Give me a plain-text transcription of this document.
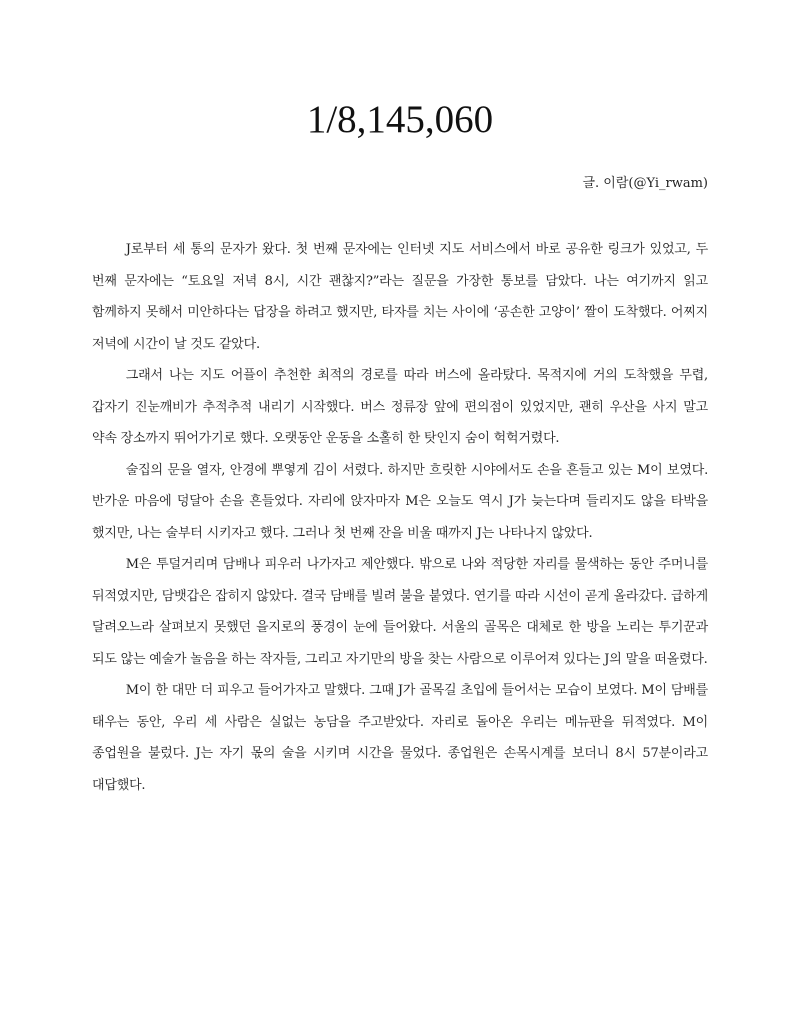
1/8,145,060
글. 이람(@Yi_rwam)

J로부터 세 통의 문자가 왔다. 첫 번째 문자에는 인터넷 지도 서비스에서 바로 공유한 링크가 있었고, 두 번째 문자에는 “토요일 저녁 8시, 시간 괜찮지?”라는 질문을 가장한 통보를 담았다. 나는 여기까지 읽고 함께하지 못해서 미안하다는 답장을 하려고 했지만, 타자를 치는 사이에 ‘공손한 고양이’ 짤이 도착했다. 어찌지 저녁에 시간이 날 것도 같았다.

그래서 나는 지도 어플이 추천한 최적의 경로를 따라 버스에 올라탔다. 목적지에 거의 도착했을 무렵, 갑자기 진눈깨비가 추적추적 내리기 시작했다. 버스 정류장 앞에 편의점이 있었지만, 괜히 우산을 사지 말고 약속 장소까지 뛰어가기로 했다. 오랫동안 운동을 소홀히 한 탓인지 숨이 헉헉거렸다.

술집의 문을 열자, 안경에 뿌옇게 김이 서렸다. 하지만 흐릿한 시야에서도 손을 흔들고 있는 M이 보였다. 반가운 마음에 덩달아 손을 흔들었다. 자리에 앉자마자 M은 오늘도 역시 J가 늦는다며 들리지도 않을 타박을 했지만, 나는 술부터 시키자고 했다. 그러나 첫 번째 잔을 비울 때까지 J는 나타나지 않았다.

M은 투덜거리며 담배나 피우러 나가자고 제안했다. 밖으로 나와 적당한 자리를 물색하는 동안 주머니를 뒤적였지만, 담뱃갑은 잡히지 않았다. 결국 담배를 빌려 불을 붙였다. 연기를 따라 시선이 곧게 올라갔다. 급하게 달려오느라 살펴보지 못했던 을지로의 풍경이 눈에 들어왔다. 서울의 골목은 대체로 한 방을 노리는 투기꾼과 되도 않는 예술가 놀음을 하는 작자들, 그리고 자기만의 방을 찾는 사람으로 이루어져 있다는 J의 말을 떠올렸다.

M이 한 대만 더 피우고 들어가자고 말했다. 그때 J가 골목길 초입에 들어서는 모습이 보였다. M이 담배를 태우는 동안, 우리 세 사람은 실없는 농담을 주고받았다. 자리로 돌아온 우리는 메뉴판을 뒤적였다. M이 종업원을 불렀다. J는 자기 몫의 술을 시키며 시간을 물었다. 종업원은 손목시계를 보더니 8시 57분이라고 대답했다.
